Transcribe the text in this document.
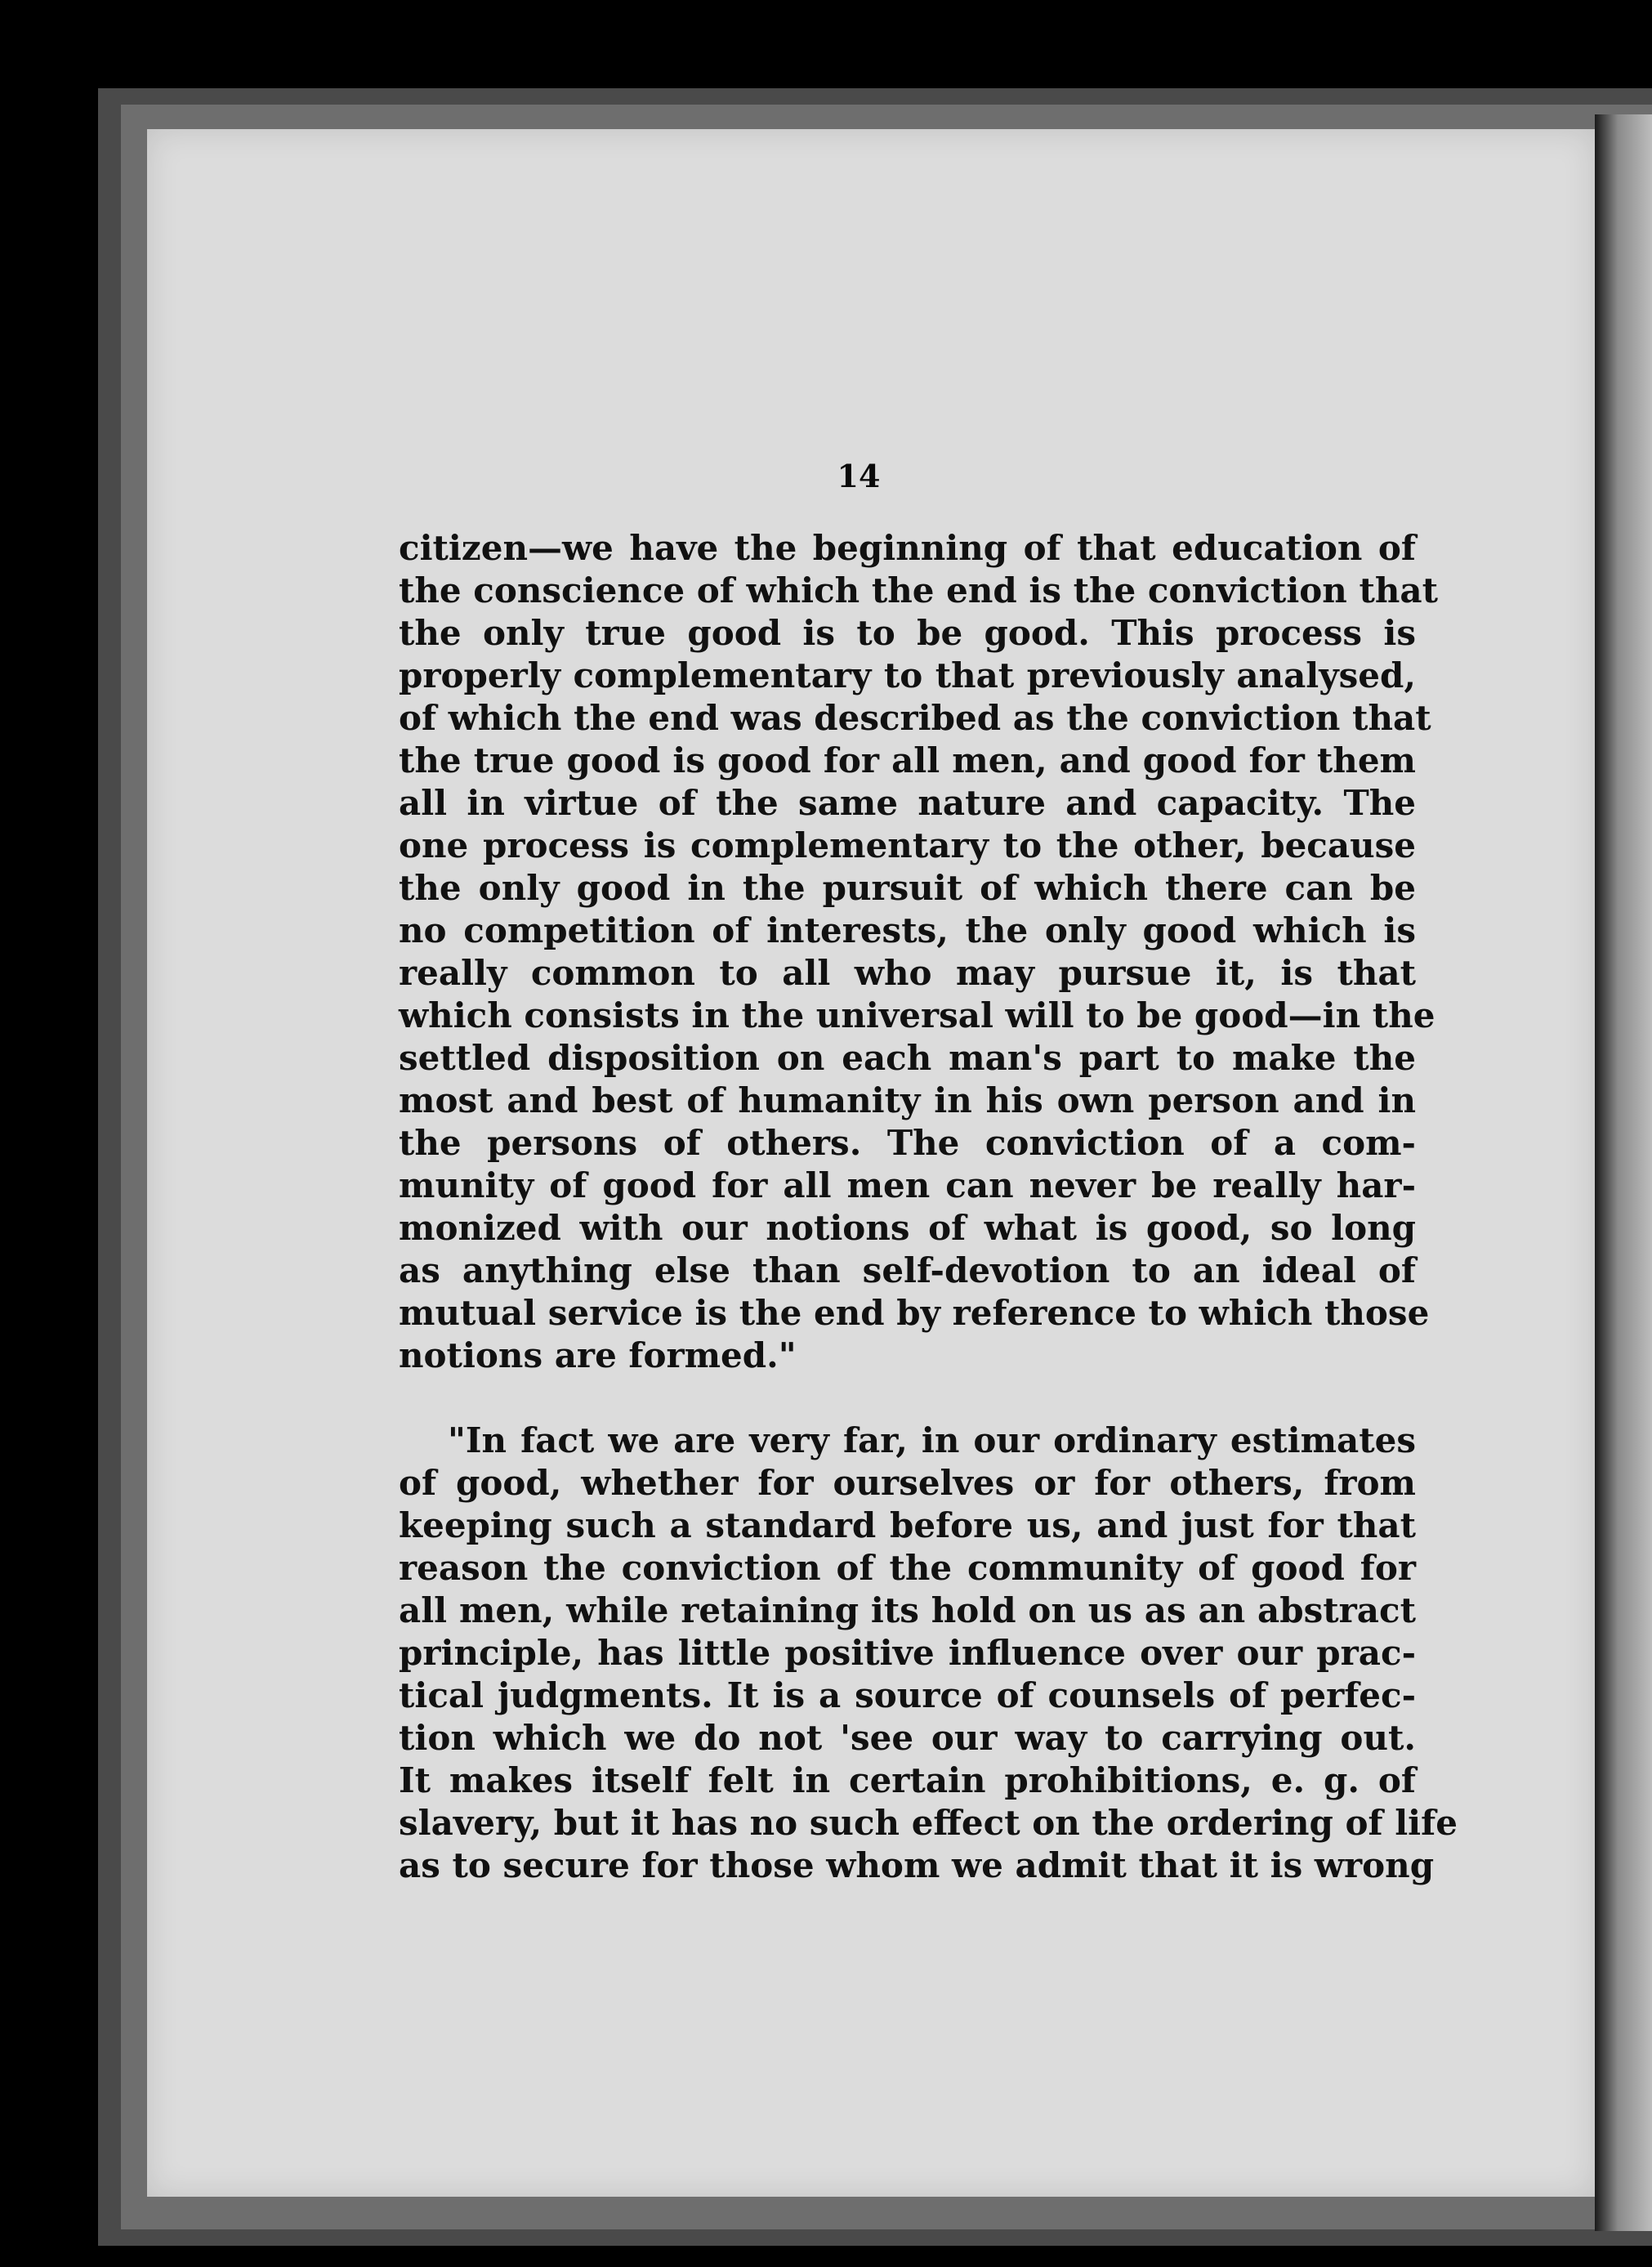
14

citizen—we have the beginning of that education of
the conscience of which the end is the conviction that
the only true good is to be good. This process is
properly complementary to that previously analysed,
of which the end was described as the conviction that
the true good is good for all men, and good for them
all in virtue of the same nature and capacity. The
one process is complementary to the other, because
the only good in the pursuit of which there can be
no competition of interests, the only good which is
really common to all who may pursue it, is that
which consists in the universal will to be good—in the
settled disposition on each man's part to make the
most and best of humanity in his own person and in
the persons of others. The conviction of a com-
munity of good for all men can never be really har-
monized with our notions of what is good, so long
as anything else than self-devotion to an ideal of
mutual service is the end by reference to which those
notions are formed."
"In fact we are very far, in our ordinary estimates
of good, whether for ourselves or for others, from
keeping such a standard before us, and just for that
reason the conviction of the community of good for
all men, while retaining its hold on us as an abstract
principle, has little positive influence over our prac-
tical judgments. It is a source of counsels of perfec-
tion which we do not 'see our way to carrying out.
It makes itself felt in certain prohibitions, e. g. of
slavery, but it has no such effect on the ordering of life
as to secure for those whom we admit that it is wrong
